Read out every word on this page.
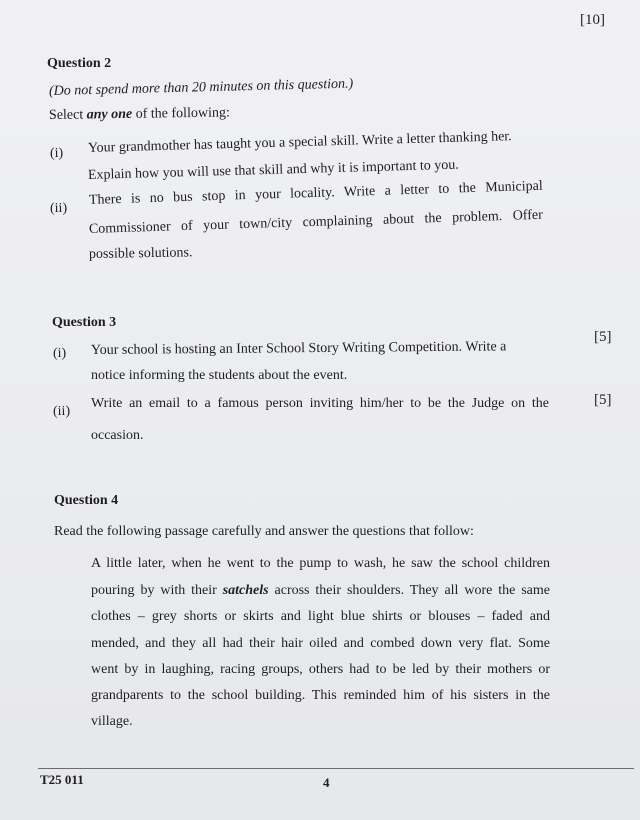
[10]
Question 2
(Do not spend more than 20 minutes on this question.)
Select any one of the following:
(i) Your grandmother has taught you a special skill. Write a letter thanking her.
Explain how you will use that skill and why it is important to you.
(ii)
There is no bus stop in your locality. Write a letter to the Municipal
Commissioner of your town/city complaining about the problem. Offer
possible solutions.
Question 3
(i) Your school is hosting an Inter School Story Writing Competition. Write a
notice informing the students about the event.
[5]
(ii)
Write an email to a famous person inviting him/her to be the Judge on the
occasion.
[5]
Question 4
Read the following passage carefully and answer the questions that follow:
A little later, when he went to the pump to wash, he saw the school children
pouring by with their satchels across their shoulders. They all wore the same
clothes – grey shorts or skirts and light blue shirts or blouses – faded and
mended, and they all had their hair oiled and combed down very flat. Some
went by in laughing, racing groups, others had to be led by their mothers or
grandparents to the school building. This reminded him of his sisters in the
village.
T25 011	4
